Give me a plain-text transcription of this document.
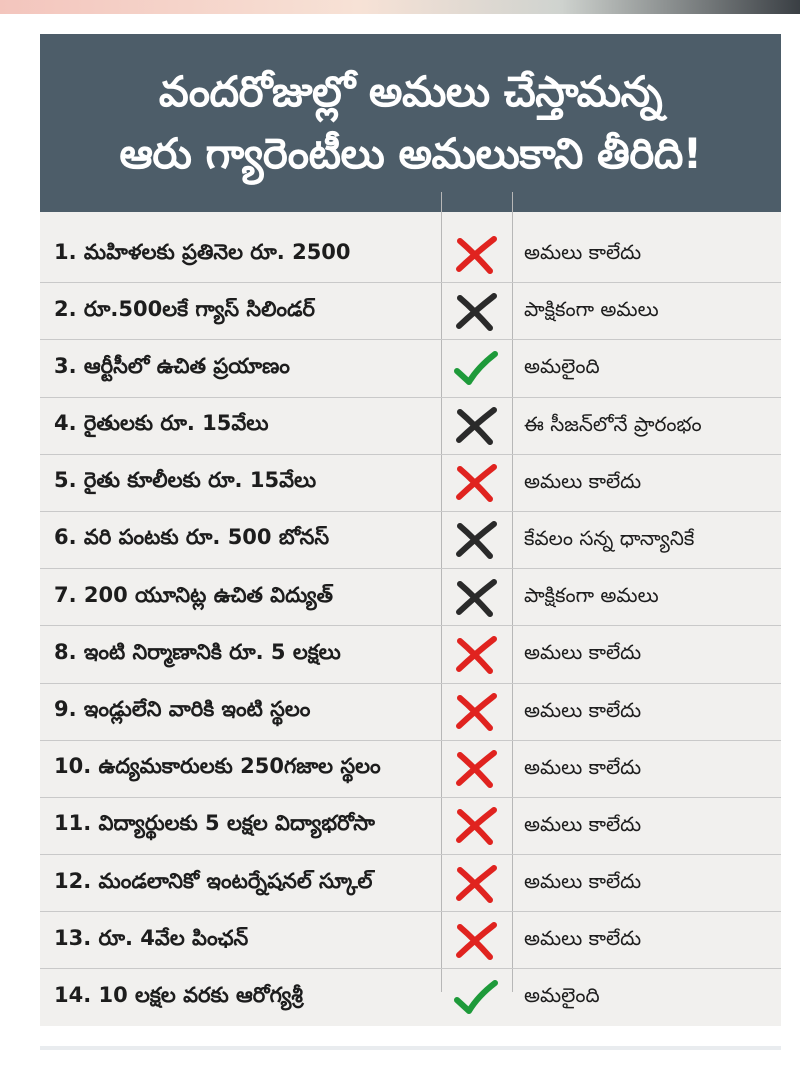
వందరోజుల్లో అమలు చేస్తామన్న
ఆరు గ్యారెంటీలు అమలుకాని తీరిది!
1. మహిళలకు ప్రతినెల రూ. 2500	అమలు కాలేదు
2. రూ.500లకే గ్యాస్ సిలిండర్	పాక్షికంగా అమలు
3. ఆర్టీసీలో ఉచిత ప్రయాణం	అమలైంది
4. రైతులకు రూ. 15వేలు	ఈ సీజన్‌లోనే ప్రారంభం
5. రైతు కూలీలకు రూ. 15వేలు	అమలు కాలేదు
6. వరి పంటకు రూ. 500 బోనస్	కేవలం సన్న ధాన్యానికే
7. 200 యూనిట్ల ఉచిత విద్యుత్	పాక్షికంగా అమలు
8. ఇంటి నిర్మాణానికి రూ. 5 లక్షలు	అమలు కాలేదు
9. ఇండ్లులేని వారికి ఇంటి స్థలం	అమలు కాలేదు
10. ఉద్యమకారులకు 250గజాల స్థలం	అమలు కాలేదు
11. విద్యార్థులకు 5 లక్షల విద్యాభరోసా	అమలు కాలేదు
12. మండలానికో ఇంటర్నేషనల్ స్కూల్	అమలు కాలేదు
13. రూ. 4వేల పింఛన్	అమలు కాలేదు
14. 10 లక్షల వరకు ఆరోగ్యశ్రీ	అమలైంది
